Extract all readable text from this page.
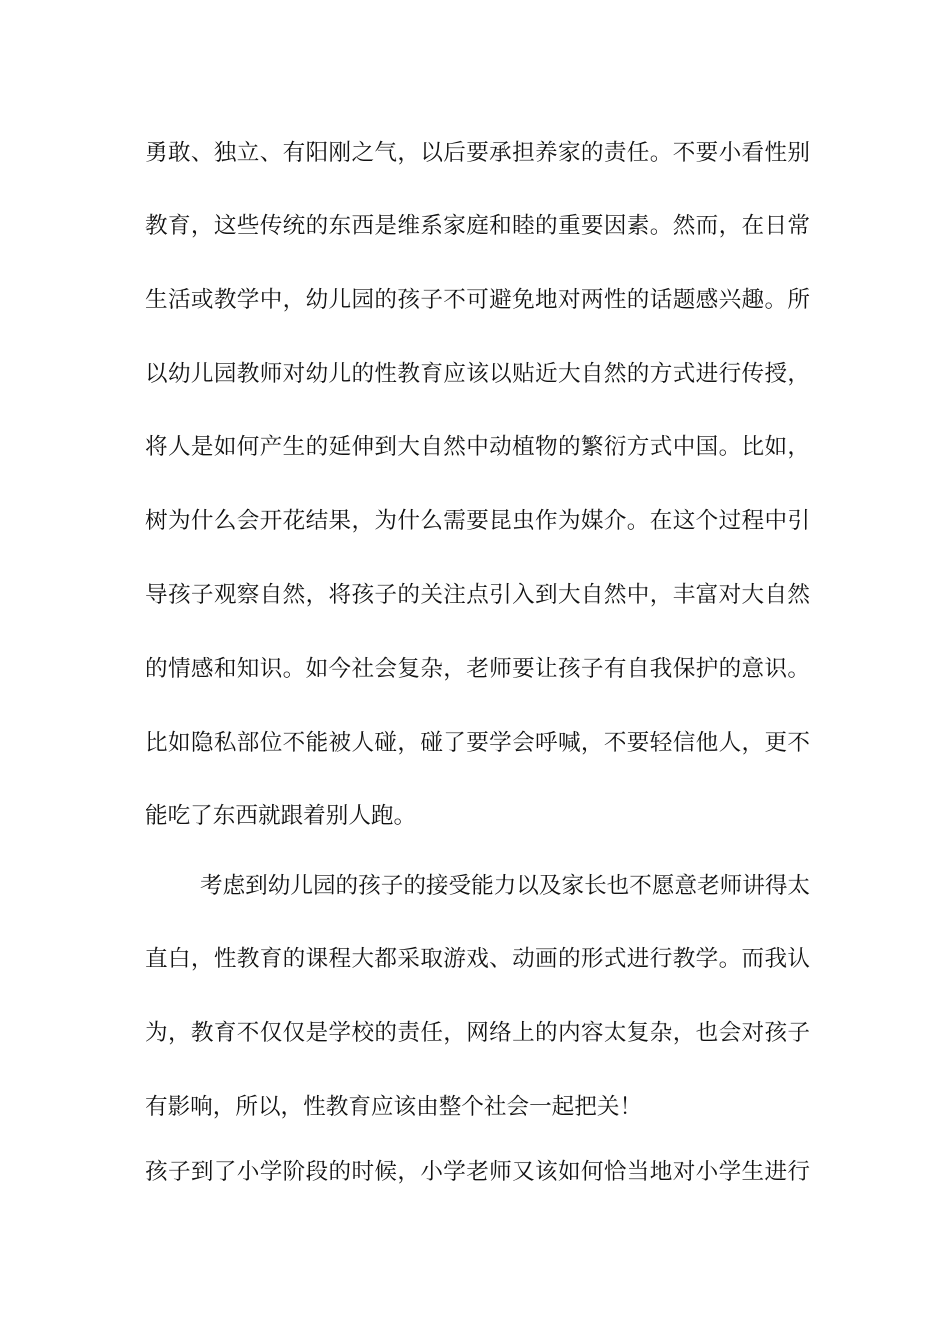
勇敢、独立、有阳刚之气，以后要承担养家的责任。不要小看性别
教育，这些传统的东西是维系家庭和睦的重要因素。然而，在日常
生活或教学中，幼儿园的孩子不可避免地对两性的话题感兴趣。所
以幼儿园教师对幼儿的性教育应该以贴近大自然的方式进行传授，
将人是如何产生的延伸到大自然中动植物的繁衍方式中国。比如，
树为什么会开花结果，为什么需要昆虫作为媒介。在这个过程中引
导孩子观察自然，将孩子的关注点引入到大自然中，丰富对大自然
的情感和知识。如今社会复杂，老师要让孩子有自我保护的意识。
比如隐私部位不能被人碰，碰了要学会呼喊，不要轻信他人，更不
能吃了东西就跟着别人跑。
考虑到幼儿园的孩子的接受能力以及家长也不愿意老师讲得太
直白，性教育的课程大都采取游戏、动画的形式进行教学。而我认
为，教育不仅仅是学校的责任，网络上的内容太复杂，也会对孩子
有影响，所以，性教育应该由整个社会一起把关！
孩子到了小学阶段的时候，小学老师又该如何恰当地对小学生进行
